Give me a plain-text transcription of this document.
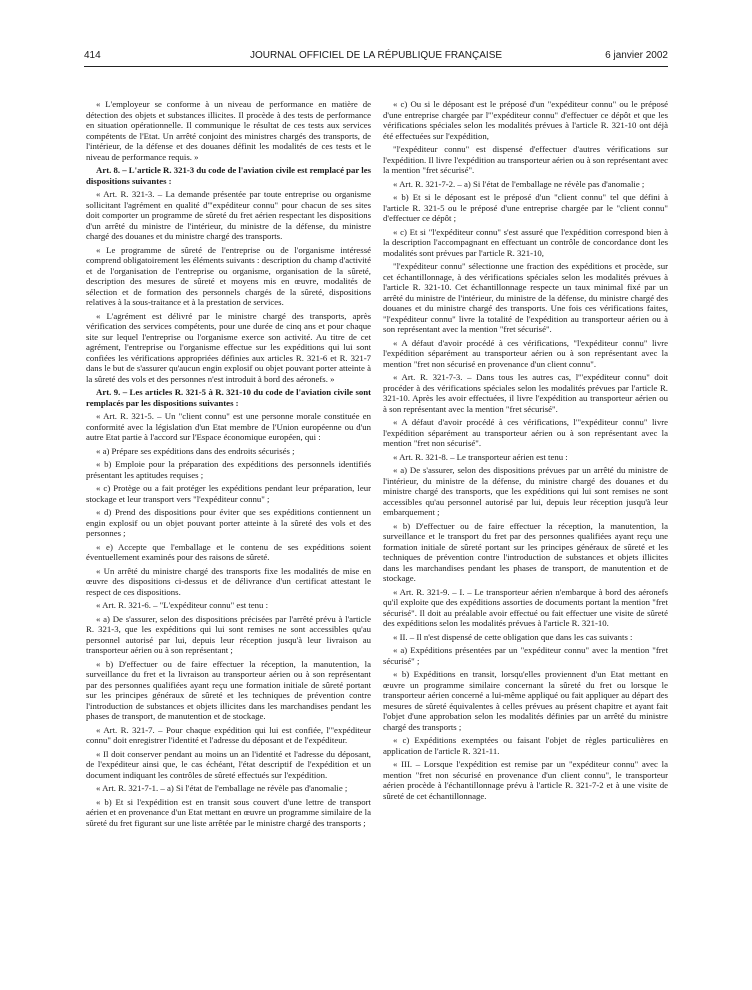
414	JOURNAL OFFICIEL DE LA RÉPUBLIQUE FRANÇAISE	6 janvier 2002

« L'employeur se conforme à un niveau de performance en matière de détection des objets et substances illicites. Il procède à des tests de performance en situation opérationnelle. Il communique le résultat de ces tests aux services compétents de l'Etat. Un arrêté conjoint des ministres chargés des transports, de l'intérieur, de la défense et des douanes définit les modalités de ces tests et le niveau de performance requis. »

Art. 8. – L'article R. 321-3 du code de l'aviation civile est remplacé par les dispositions suivantes :

« Art. R. 321-3. – La demande présentée par toute entreprise ou organisme sollicitant l'agrément en qualité d'"expéditeur connu" pour chacun de ses sites doit comporter un programme de sûreté du fret aérien respectant les dispositions d'un arrêté du ministre de l'intérieur, du ministre de la défense, du ministre chargé des douanes et du ministre chargé des transports.

« Le programme de sûreté de l'entreprise ou de l'organisme intéressé comprend obligatoirement les éléments suivants : description du champ d'activité et de l'organisation de l'entreprise ou organisme, organisation de la sûreté, description des mesures de sûreté et moyens mis en œuvre, modalités de sélection et de formation des personnels chargés de la sûreté, dispositions relatives à la sous-traitance et à la prestation de services.

« L'agrément est délivré par le ministre chargé des transports, après vérification des services compétents, pour une durée de cinq ans et pour chaque site sur lequel l'entreprise ou l'organisme exerce son activité. Au titre de cet agrément, l'entreprise ou l'organisme effectue sur les expéditions qui lui sont confiées les vérifications appropriées définies aux articles R. 321-6 et R. 321-7 dans le but de s'assurer qu'aucun engin explosif ou objet pouvant porter atteinte à la sûreté des vols et des personnes n'est introduit à bord des aéronefs. »

Art. 9. – Les articles R. 321-5 à R. 321-10 du code de l'aviation civile sont remplacés par les dispositions suivantes :

« Art. R. 321-5. – Un "client connu" est une personne morale constituée en conformité avec la législation d'un Etat membre de l'Union européenne ou d'un autre Etat partie à l'accord sur l'Espace économique européen, qui :

« a) Prépare ses expéditions dans des endroits sécurisés ;

« b) Emploie pour la préparation des expéditions des personnels identifiés présentant les aptitudes requises ;

« c) Protège ou a fait protéger les expéditions pendant leur préparation, leur stockage et leur transport vers "l'expéditeur connu" ;

« d) Prend des dispositions pour éviter que ses expéditions contiennent un engin explosif ou un objet pouvant porter atteinte à la sûreté des vols et des personnes ;

« e) Accepte que l'emballage et le contenu de ses expéditions soient éventuellement examinés pour des raisons de sûreté.

« Un arrêté du ministre chargé des transports fixe les modalités de mise en œuvre des dispositions ci-dessus et de délivrance d'un certificat attestant le respect de ces dispositions.

« Art. R. 321-6. – "L'expéditeur connu" est tenu :

« a) De s'assurer, selon des dispositions précisées par l'arrêté prévu à l'article R. 321-3, que les expéditions qui lui sont remises ne sont accessibles qu'au personnel autorisé par lui, depuis leur réception jusqu'à leur livraison au transporteur aérien ou à son représentant ;

« b) D'effectuer ou de faire effectuer la réception, la manutention, la surveillance du fret et la livraison au transporteur aérien ou à son représentant par des personnes qualifiées ayant reçu une formation initiale de sûreté portant sur les principes généraux de sûreté et les techniques de prévention contre l'introduction de substances et objets illicites dans les marchandises pendant les phases de transport, de manutention et de stockage.

« Art. R. 321-7. – Pour chaque expédition qui lui est confiée, l'"expéditeur connu" doit enregistrer l'identité et l'adresse du déposant et de l'expéditeur.

« Il doit conserver pendant au moins un an l'identité et l'adresse du déposant, de l'expéditeur ainsi que, le cas échéant, l'état descriptif de l'expédition et un document indiquant les contrôles de sûreté effectués sur l'expédition.

« Art. R. 321-7-1. – a) Si l'état de l'emballage ne révèle pas d'anomalie ;

« b) Et si l'expédition est en transit sous couvert d'une lettre de transport aérien et en provenance d'un Etat mettant en œuvre un programme similaire de la sûreté du fret figurant sur une liste arrêtée par le ministre chargé des transports ;

« c) Ou si le déposant est le préposé d'un "expéditeur connu" ou le préposé d'une entreprise chargée par l'"expéditeur connu" d'effectuer ce dépôt et que les vérifications spéciales selon les modalités prévues à l'article R. 321-10 ont déjà été effectuées sur l'expédition,

"l'expéditeur connu" est dispensé d'effectuer d'autres vérifications sur l'expédition. Il livre l'expédition au transporteur aérien ou à son représentant avec la mention "fret sécurisé".

« Art. R. 321-7-2. – a) Si l'état de l'emballage ne révèle pas d'anomalie ;

« b) Et si le déposant est le préposé d'un "client connu" tel que défini à l'article R. 321-5 ou le préposé d'une entreprise chargée par le "client connu" d'effectuer ce dépôt ;

« c) Et si "l'expéditeur connu" s'est assuré que l'expédition correspond bien à la description l'accompagnant en effectuant un contrôle de concordance dont les modalités sont prévues par l'article R. 321-10,

"l'expéditeur connu" sélectionne une fraction des expéditions et procède, sur cet échantillonnage, à des vérifications spéciales selon les modalités prévues à l'article R. 321-10. Cet échantillonnage respecte un taux minimal fixé par un arrêté du ministre de l'intérieur, du ministre de la défense, du ministre chargé des douanes et du ministre chargé des transports. Une fois ces vérifications faites, "l'expéditeur connu" livre la totalité de l'expédition au transporteur aérien ou à son représentant avec la mention "fret sécurisé".

« A défaut d'avoir procédé à ces vérifications, "l'expéditeur connu" livre l'expédition séparément au transporteur aérien ou à son représentant avec la mention "fret non sécurisé en provenance d'un client connu".

« Art. R. 321-7-3. – Dans tous les autres cas, l'"expéditeur connu" doit procéder à des vérifications spéciales selon les modalités prévues par l'article R. 321-10. Après les avoir effectuées, il livre l'expédition au transporteur aérien ou à son représentant avec la mention "fret sécurisé".

« A défaut d'avoir procédé à ces vérifications, l'"expéditeur connu" livre l'expédition séparément au transporteur aérien ou à son représentant avec la mention "fret non sécurisé".

« Art. R. 321-8. – Le transporteur aérien est tenu :

« a) De s'assurer, selon des dispositions prévues par un arrêté du ministre de l'intérieur, du ministre de la défense, du ministre chargé des douanes et du ministre chargé des transports, que les expéditions qui lui sont remises ne sont accessibles qu'au personnel autorisé par lui, depuis leur réception jusqu'à leur embarquement ;

« b) D'effectuer ou de faire effectuer la réception, la manutention, la surveillance et le transport du fret par des personnes qualifiées ayant reçu une formation initiale de sûreté portant sur les principes généraux de sûreté et les techniques de prévention contre l'introduction de substances et objets illicites dans les marchandises pendant les phases de transport, de manutention et de stockage.

« Art. R. 321-9. – I. – Le transporteur aérien n'embarque à bord des aéronefs qu'il exploite que des expéditions assorties de documents portant la mention "fret sécurisé". Il doit au préalable avoir effectué ou fait effectuer une visite de sûreté des expéditions selon les modalités prévues à l'article R. 321-10.

« II. – Il n'est dispensé de cette obligation que dans les cas suivants :

« a) Expéditions présentées par un "expéditeur connu" avec la mention "fret sécurisé" ;

« b) Expéditions en transit, lorsqu'elles proviennent d'un Etat mettant en œuvre un programme similaire concernant la sûreté du fret ou lorsque le transporteur aérien concerné a lui-même appliqué ou fait appliquer au départ des mesures de sûreté équivalentes à celles prévues au présent chapitre et ayant fait l'objet d'une approbation selon les modalités définies par un arrêté du ministre chargé des transports ;

« c) Expéditions exemptées ou faisant l'objet de règles particulières en application de l'article R. 321-11.

« III. – Lorsque l'expédition est remise par un "expéditeur connu" avec la mention "fret non sécurisé en provenance d'un client connu", le transporteur aérien procède à l'échantillonnage prévu à l'article R. 321-7-2 et à une visite de sûreté de cet échantillonnage.
